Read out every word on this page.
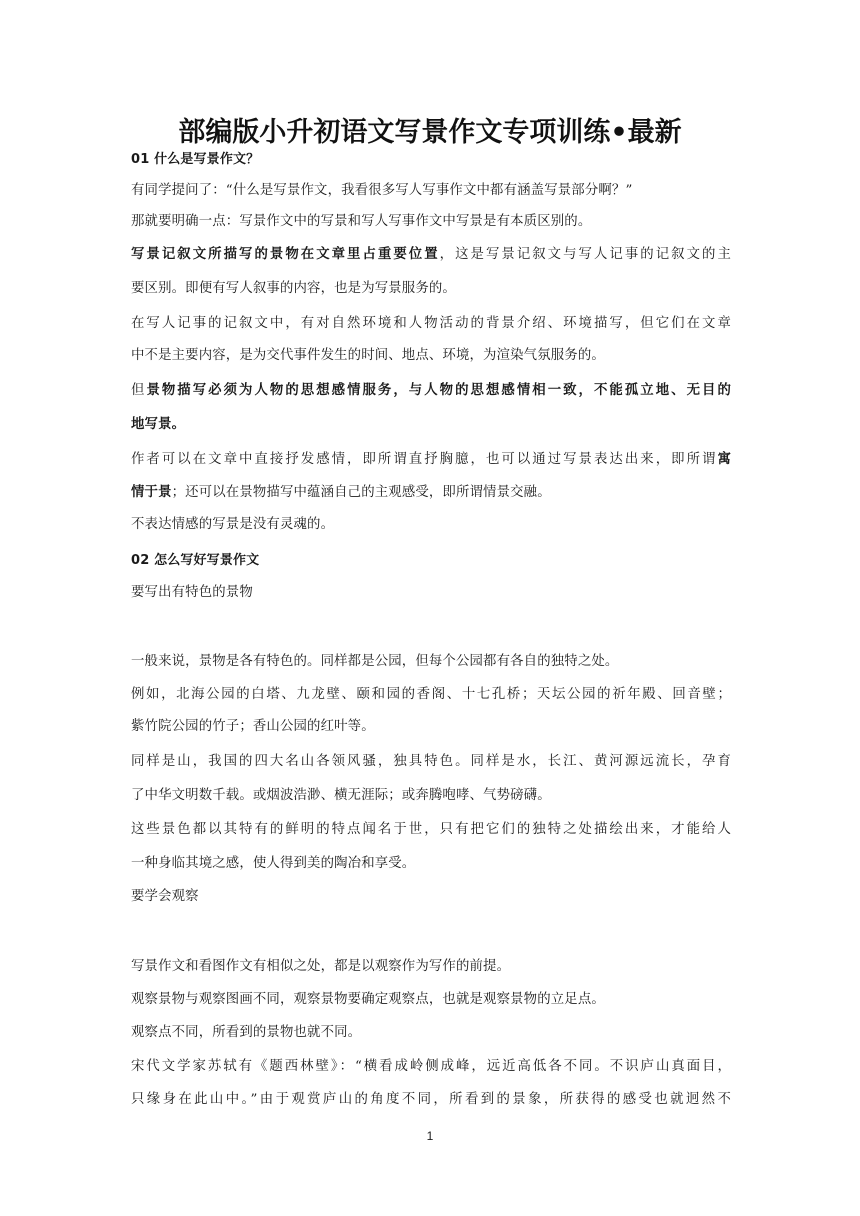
部编版小升初语文写景作文专项训练•最新
01 什么是写景作文？
有同学提问了：“什么是写景作文，我看很多写人写事作文中都有涵盖写景部分啊？”
那就要明确一点：写景作文中的写景和写人写事作文中写景是有本质区别的。
写景记叙文所描写的景物在文章里占重要位置，这是写景记叙文与写人记事的记叙文的主
要区别。即便有写人叙事的内容，也是为写景服务的。
在写人记事的记叙文中，有对自然环境和人物活动的背景介绍、环境描写，但它们在文章
中不是主要内容，是为交代事件发生的时间、地点、环境，为渲染气氛服务的。
但景物描写必须为人物的思想感情服务，与人物的思想感情相一致，不能孤立地、无目的
地写景。
作者可以在文章中直接抒发感情，即所谓直抒胸臆，也可以通过写景表达出来，即所谓寓
情于景；还可以在景物描写中蕴涵自己的主观感受，即所谓情景交融。
不表达情感的写景是没有灵魂的。
02 怎么写好写景作文
要写出有特色的景物
一般来说，景物是各有特色的。同样都是公园，但每个公园都有各自的独特之处。
例如，北海公园的白塔、九龙壁、颐和园的香阁、十七孔桥；天坛公园的祈年殿、回音壁；
紫竹院公园的竹子；香山公园的红叶等。
同样是山，我国的四大名山各领风骚，独具特色。同样是水，长江、黄河源远流长，孕育
了中华文明数千载。或烟波浩渺、横无涯际；或奔腾咆哮、气势磅礴。
这些景色都以其特有的鲜明的特点闻名于世，只有把它们的独特之处描绘出来，才能给人
一种身临其境之感，使人得到美的陶冶和享受。
要学会观察
写景作文和看图作文有相似之处，都是以观察作为写作的前提。
观察景物与观察图画不同，观察景物要确定观察点，也就是观察景物的立足点。
观察点不同，所看到的景物也就不同。
宋代文学家苏轼有《题西林壁》：“横看成岭侧成峰，远近高低各不同。不识庐山真面目，
只缘身在此山中。”由于观赏庐山的角度不同，所看到的景象，所获得的感受也就迥然不
1
